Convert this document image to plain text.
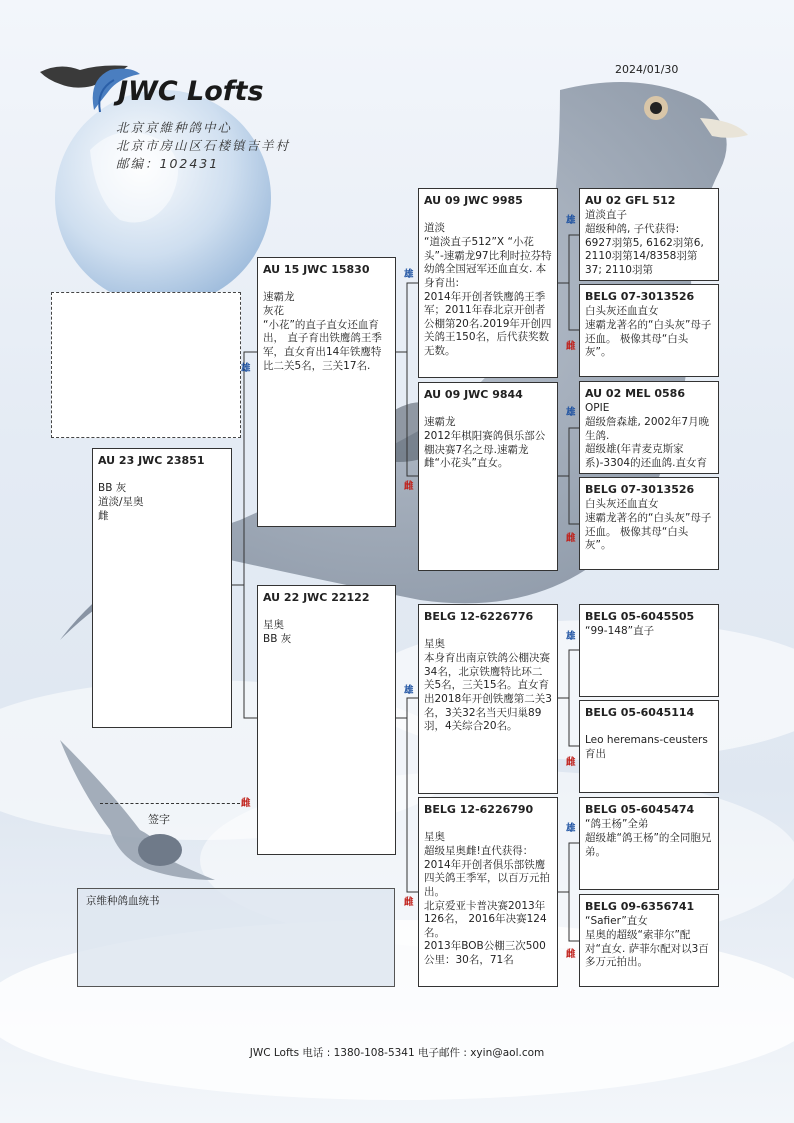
2024/01/30
JWC Lofts
北京京維种鸽中心
北京市房山区石楼镇吉羊村
邮编：102431
AU 23 JWC 23851
BB 灰
道淡/星奥
雌
AU 15 JWC 15830
速霸龙
灰花
“小花”的直子直女还血育出， 直子育出铁鹰鸽王季军，直女育出14年铁鹰特比二关5名，三关17名.
AU 22 JWC 22122
星奥
BB 灰
AU 09 JWC 9985
道淡
“道淡直子512”X “小花头”-速霸龙97比利时拉芬特幼鸽全国冠军还血直女. 本身育出:
2014年开创者铁鹰鸽王季军；2011年春北京开创者公棚第20名.2019年开创四关鸽王150名，后代获奖数无数。
AU 09 JWC 9844
速霸龙
2012年棋阳赛鸽俱乐部公棚决赛7名之母.速霸龙雌“小花头”直女。
BELG 12-6226776
星奥
本身育出南京铁鸽公棚决赛34名，北京铁鹰特比环二关5名，三关15名。直女育出2018年开创铁鹰第二关3名，3关32名当天归巢89羽，4关综合20名。
BELG 12-6226790
星奥
超级星奥雌!直代获得：2014年开创者俱乐部铁鹰四关鸽王季军，以百万元拍出。
北京爱亚卡普决赛2013年126名， 2016年决赛124名。
2013年BOB公棚三次500公里：30名，71名
AU 02 GFL 512
道淡直子
超级种鸽, 子代获得:
6927羽第5, 6162羽第6, 2110羽第14/8358羽第37; 2110羽第
BELG 07-3013526
白头灰还血直女
速霸龙著名的“白头灰”母子还血。 极像其母“白头灰”。
AU 02 MEL 0586
OPIE
超级詹森雄, 2002年7月晚生鸽.
超级雄(年青麦克斯家系)-3304的还血鸽.直女育
BELG 07-3013526
白头灰还血直女
速霸龙著名的“白头灰”母子还血。 极像其母“白头灰”。
BELG 05-6045505
“99-148”直子
BELG 05-6045114
Leo heremans-ceusters 育出
BELG 05-6045474
“鸽王杨”全弟
超级雄“鸽王杨”的全同胞兄弟。
BELG 09-6356741
“Safier”直女
星奥的超级“索菲尔”配对“直女. 萨菲尔配对以3百多万元拍出。
雄
雌
雄
雌
雄
雌
雄
雌
雄
雌
雄
雌
雄
雌
签字
京维种鸽血统书
JWC Lofts 电话 : 1380-108-5341 电子邮件 : xyin@aol.com
